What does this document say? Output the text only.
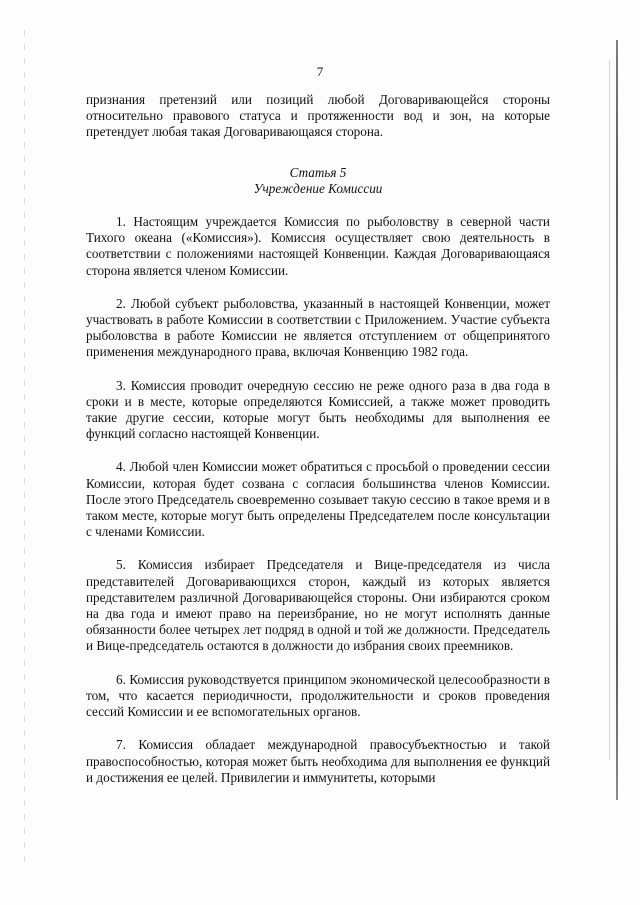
7

признания претензий или позиций любой Договаривающейся стороны относительно правового статуса и протяженности вод и зон, на которые претендует любая такая Договаривающаяся сторона.

Статья 5
Учреждение Комиссии

1. Настоящим учреждается Комиссия по рыболовству в северной части Тихого океана («Комиссия»). Комиссия осуществляет свою деятельность в соответствии с положениями настоящей Конвенции. Каждая Договаривающаяся сторона является членом Комиссии.

2. Любой субъект рыболовства, указанный в настоящей Конвенции, может участвовать в работе Комиссии в соответствии с Приложением. Участие субъекта рыболовства в работе Комиссии не является отступлением от общепринятого применения международного права, включая Конвенцию 1982 года.

3. Комиссия проводит очередную сессию не реже одного раза в два года в сроки и в месте, которые определяются Комиссией, а также может проводить такие другие сессии, которые могут быть необходимы для выполнения ее функций согласно настоящей Конвенции.

4. Любой член Комиссии может обратиться с просьбой о проведении сессии Комиссии, которая будет созвана с согласия большинства членов Комиссии. После этого Председатель своевременно созывает такую сессию в такое время и в таком месте, которые могут быть определены Председателем после консультации с членами Комиссии.

5. Комиссия избирает Председателя и Вице-председателя из числа представителей Договаривающихся сторон, каждый из которых является представителем различной Договаривающейся стороны. Они избираются сроком на два года и имеют право на переизбрание, но не могут исполнять данные обязанности более четырех лет подряд в одной и той же должности. Председатель и Вице-председатель остаются в должности до избрания своих преемников.

6. Комиссия руководствуется принципом экономической целесообразности в том, что касается периодичности, продолжительности и сроков проведения сессий Комиссии и ее вспомогательных органов.

7. Комиссия обладает международной правосубъектностью и такой правоспособностью, которая может быть необходима для выполнения ее функций и достижения ее целей. Привилегии и иммунитеты, которыми
